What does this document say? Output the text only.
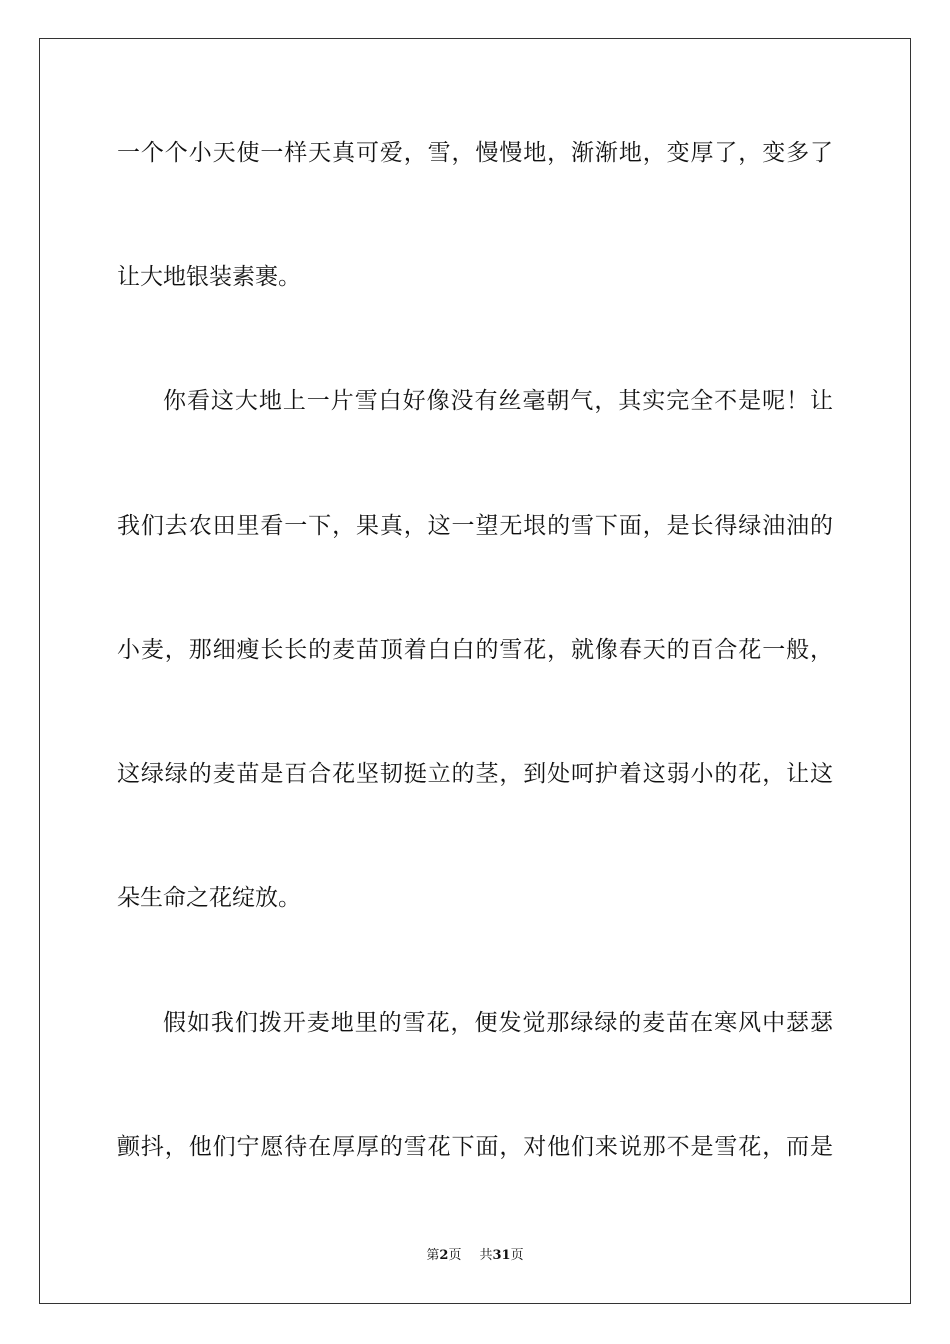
一个个小天使一样天真可爱，雪，慢慢地，渐渐地，变厚了，变多了
让大地银装素裹。
你看这大地上一片雪白好像没有丝毫朝气，其实完全不是呢！让
我们去农田里看一下，果真，这一望无垠的雪下面，是长得绿油油的
小麦，那细瘦长长的麦苗顶着白白的雪花，就像春天的百合花一般，
这绿绿的麦苗是百合花坚韧挺立的茎，到处呵护着这弱小的花，让这
朵生命之花绽放。
假如我们拨开麦地里的雪花，便发觉那绿绿的麦苗在寒风中瑟瑟
颤抖，他们宁愿待在厚厚的雪花下面，对他们来说那不是雪花，而是
第2页 共31页
